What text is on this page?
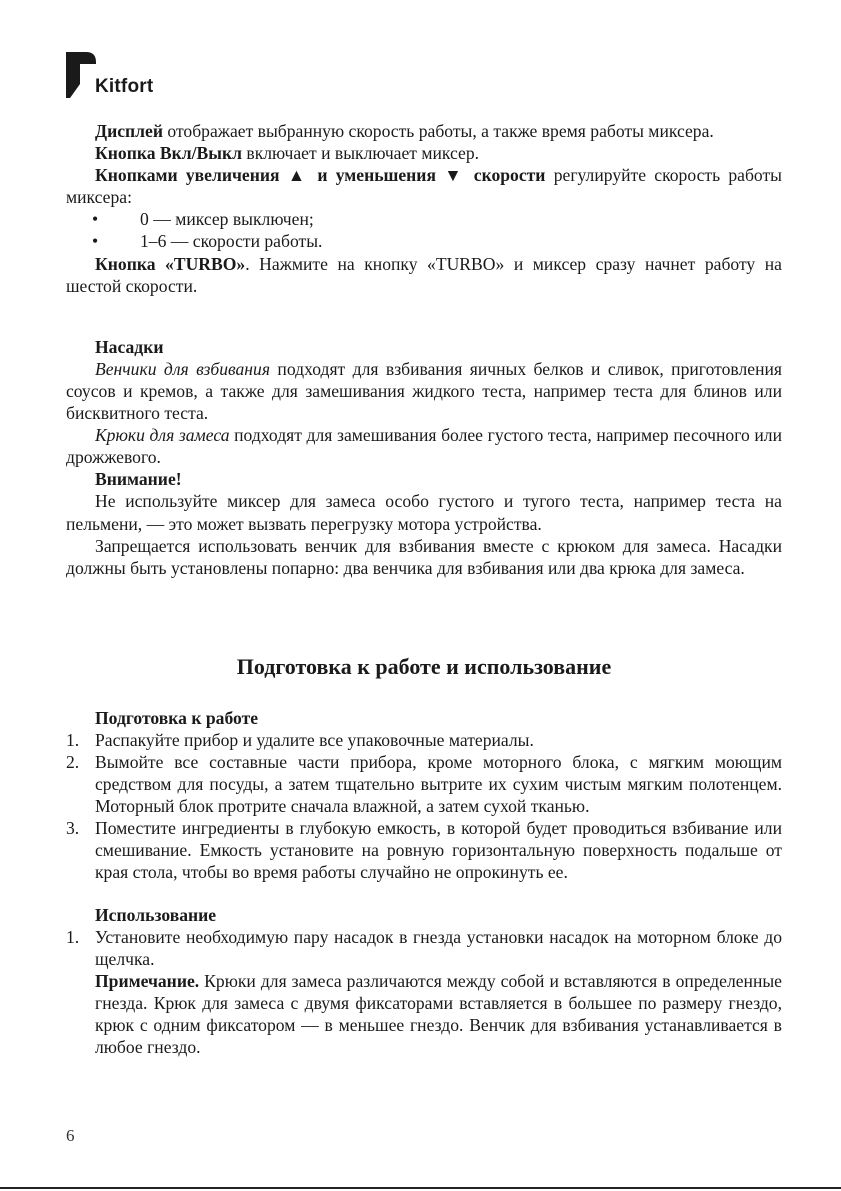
Kitfort

Дисплей отображает выбранную скорость работы, а также время работы миксера.

Кнопка Вкл/Выкл включает и выключает миксер.

Кнопками увеличения ▲ и уменьшения ▼ скорости регулируйте скорость работы миксера:

• 0 — миксер выключен;
• 1–6 — скорости работы.

Кнопка «TURBO». Нажмите на кнопку «TURBO» и миксер сразу начнет работу на шестой скорости.

Насадки

Венчики для взбивания подходят для взбивания яичных белков и сливок, приготовления соусов и кремов, а также для замешивания жидкого теста, например теста для блинов или бисквитного теста.

Крюки для замеса подходят для замешивания более густого теста, например песочного или дрожжевого.

Внимание!

Не используйте миксер для замеса особо густого и тугого теста, например теста на пельмени, — это может вызвать перегрузку мотора устройства.

Запрещается использовать венчик для взбивания вместе с крюком для замеса. Насадки должны быть установлены попарно: два венчика для взбивания или два крюка для замеса.

Подготовка к работе и использование

Подготовка к работе

1. Распакуйте прибор и удалите все упаковочные материалы.
2. Вымойте все составные части прибора, кроме моторного блока, с мягким моющим средством для посуды, а затем тщательно вытрите их сухим чистым мягким полотенцем. Моторный блок протрите сначала влажной, а затем сухой тканью.
3. Поместите ингредиенты в глубокую емкость, в которой будет проводиться взбивание или смешивание. Емкость установите на ровную горизонтальную поверхность подальше от края стола, чтобы во время работы случайно не опрокинуть ее.

Использование

1. Установите необходимую пару насадок в гнезда установки насадок на моторном блоке до щелчка.
Примечание. Крюки для замеса различаются между собой и вставляются в определенные гнезда. Крюк для замеса с двумя фиксаторами вставляется в большее по размеру гнездо, крюк с одним фиксатором — в меньшее гнездо. Венчик для взбивания устанавливается в любое гнездо.
6
